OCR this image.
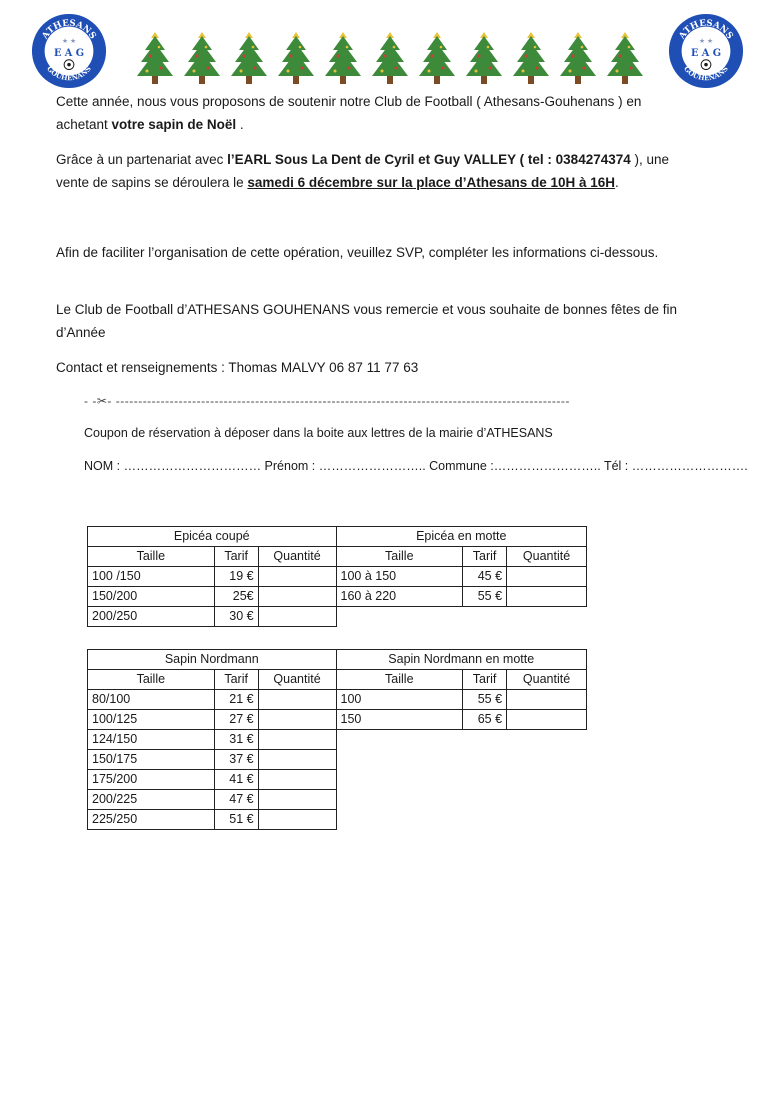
ATHESANS
GOUHENANS
E A G
★ ★
ATHESANS
GOUHENANS
E A G
★ ★

Cette année, nous vous proposons de soutenir notre Club de Football ( Athesans-Gouhenans ) en achetant votre sapin de Noël .

Grâce à un partenariat avec l’EARL Sous La Dent de Cyril et Guy VALLEY ( tel : 0384274374 ), une vente de sapins se déroulera le samedi 6 décembre sur la place d’Athesans de 10H à 16H.

Afin de faciliter l’organisation de cette opération, veuillez SVP, compléter les informations ci-dessous.

Le Club de Football d’ATHESANS GOUHENANS vous remercie et vous souhaite de bonnes fêtes de fin d’Année

Contact et renseignements : Thomas MALVY 06 87 11 77 63

- -✂- -----------------------------------------------------------------------------------------------------
Coupon de réservation à déposer dans la boite aux lettres de la mairie d’ATHESANS
NOM : …………………………… Prénom : …………………….. Commune :…………………….. Tél : ……………………….
Epicéa coupé			Epicéa en motte		
Taille	Tarif	Quantité	Taille	Tarif	Quantité
100 /150	19 €		100 à 150	45 €	
150/200	25€		160 à 220	55 €	
200/250	30 €				
Sapin Nordmann			Sapin Nordmann en motte		
Taille	Tarif	Quantité	Taille	Tarif	Quantité
80/100	21 €		100	55 €	
100/125	27 €		150	65 €	
124/150	31 €				
150/175	37 €				
175/200	41 €				
200/225	47 €				
225/250	51 €				
